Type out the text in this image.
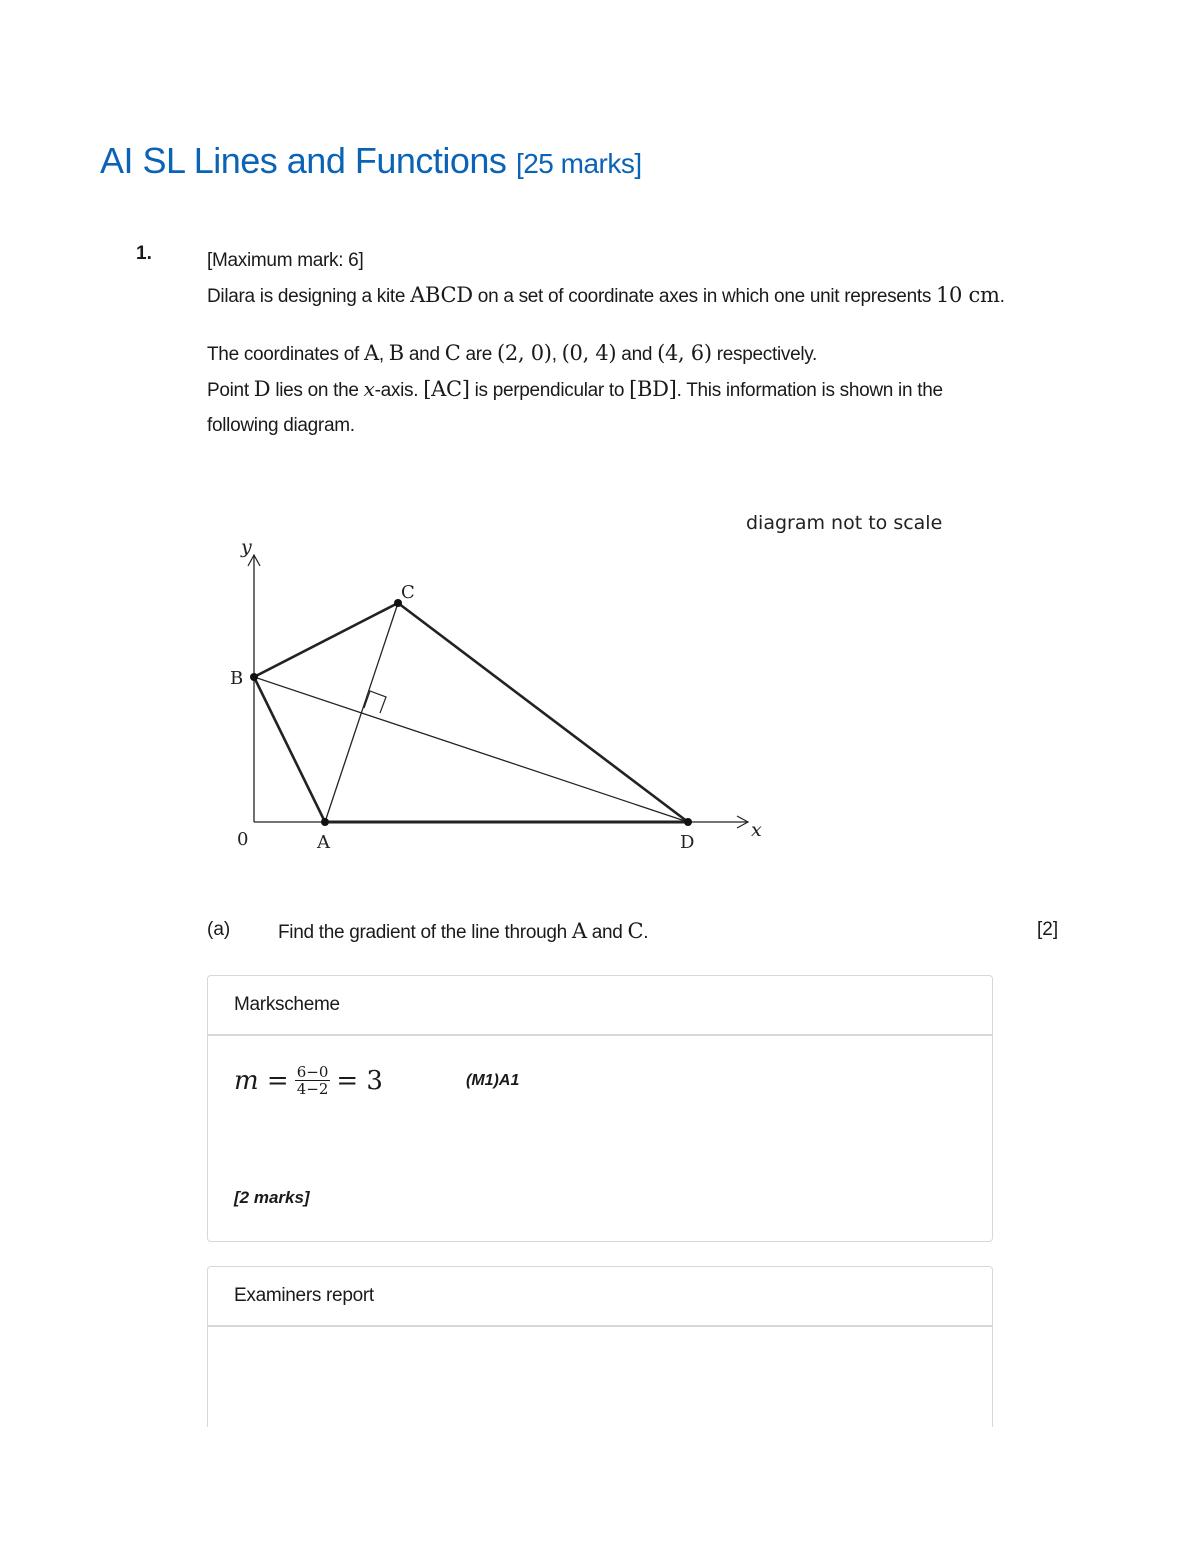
AI SL Lines and Functions [25 marks]
1.	[Maximum mark: 6]

Dilara is designing a kite ABCD on a set of coordinate axes in which one unit represents 10 cm.

The coordinates of A, B and C are (2, 0), (0, 4) and (4, 6) respectively.

Point D lies on the x-axis. [AC] is perpendicular to [BD]. This information is shown in the following diagram.

diagram not to scale
y
x
0	A
B
C
D
(a)	Find the gradient of the line through A and C.	[2]
Markscheme
$m = \frac{6-0}{4-2} = 3$	(M1)A1
[2 marks]
Examiners report
